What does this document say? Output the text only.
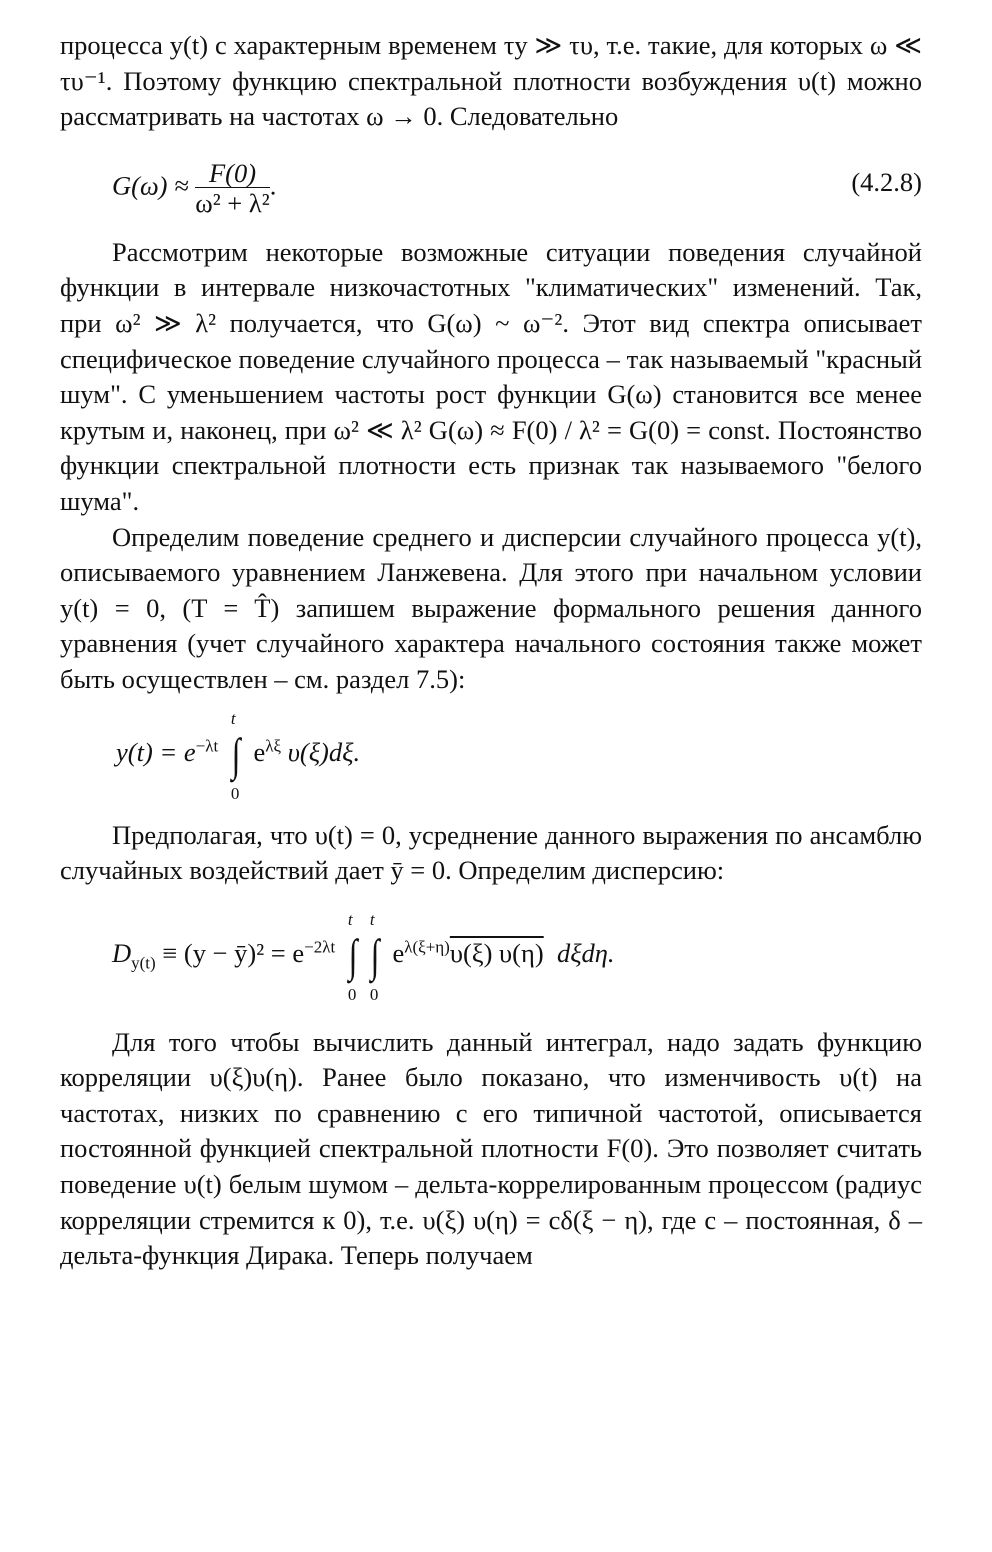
процесса y(t) с характерным временем τy ≫ τυ, т.е. такие, для которых ω ≪ τυ⁻¹. Поэтому функцию спектральной плотности возбуждения υ(t) можно рассматривать на частотах ω → 0. Следовательно

$G(\omega) \approx \frac{F(0)}{\text{ω² + λ²}}$ .	(4.2.8)

Рассмотрим некоторые возможные ситуации поведения случайной функции в интервале низкочастотных "климатических" изменений. Так, при ω² ≫ λ² получается, что G(ω) ~ ω⁻². Этот вид спектра описывает специфическое поведение случайного процесса – так называемый "красный шум". С уменьшением частоты рост функции G(ω) становится все менее крутым и, наконец, при ω² ≪ λ² G(ω) ≈ F(0) / λ² = G(0) = const. Постоянство функции спектральной плотности есть признак так называемого "белого шума".

Определим поведение среднего и дисперсии случайного процесса y(t), описываемого уравнением Ланжевена. Для этого при начальном условии y(t) = 0, (T = T̂) запишем выражение формального решения данного уравнения (учет случайного характера начального состояния также может быть осуществлен – см. раздел 7.5):

$y(t) = e^{-\lambda t}$
t
∫
0
$e^{\lambda\xi}$ υ(ξ)dξ.

Предполагая, что υ(t) = 0, усреднение данного выражения по ансамблю случайных воздействий дает ȳ = 0. Определим дисперсию:

$D_{y(t)} \equiv (y$ − ȳ)² = $e^{-2\lambda t}$
t
∫
0
t
∫
0
$e^{\lambda(\xi+\eta)}\upsilon(\xi)$ υ(η) dξdη.

Для того чтобы вычислить данный интеграл, надо задать функцию корреляции υ(ξ)υ(η). Ранее было показано, что изменчивость υ(t) на частотах, низких по сравнению с его типичной частотой, описывается постоянной функцией спектральной плотности F(0). Это позволяет считать поведение υ(t) белым шумом – дельта-коррелированным процессом (радиус корреляции стремится к 0), т.е. υ(ξ) υ(η) = cδ(ξ − η), где c – постоянная, δ – дельта-функция Дирака. Теперь получаем
